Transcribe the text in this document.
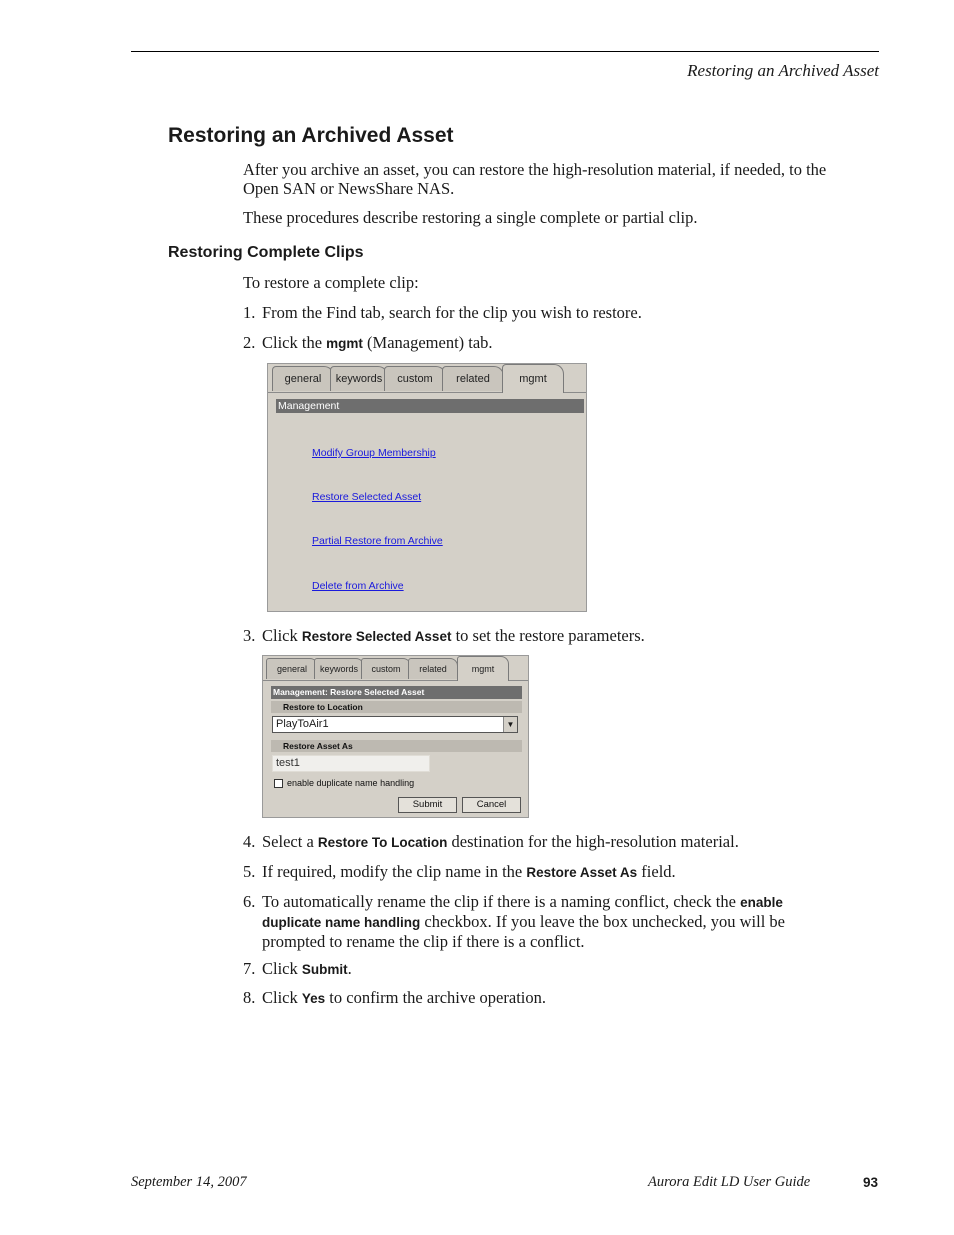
Restoring an Archived Asset
Restoring an Archived Asset

After you archive an asset, you can restore the high-resolution material, if needed, to the Open SAN or NewsShare NAS.

These procedures describe restoring a single complete or partial clip.

Restoring Complete Clips

To restore a complete clip:

1. From the Find tab, search for the clip you wish to restore.
2. Click the mgmt (Management) tab.
general	keywords	custom	related	mgmt
Management
Modify Group Membership
Restore Selected Asset
Partial Restore from Archive
Delete from Archive
3. Click Restore Selected Asset to set the restore parameters.
general	keywords	custom	related	mgmt
Management: Restore Selected Asset
Restore to Location
PlayToAir1	▼
Restore Asset As
test1
enable duplicate name handling
Submit	Cancel
4. Select a Restore To Location destination for the high-resolution material.
5. If required, modify the clip name in the Restore Asset As field.
6. To automatically rename the clip if there is a naming conflict, check the enable duplicate name handling checkbox. If you leave the box unchecked, you will be prompted to rename the clip if there is a conflict.
7. Click Submit.
8. Click Yes to confirm the archive operation.
September 14, 2007	Aurora Edit LD User Guide	93
